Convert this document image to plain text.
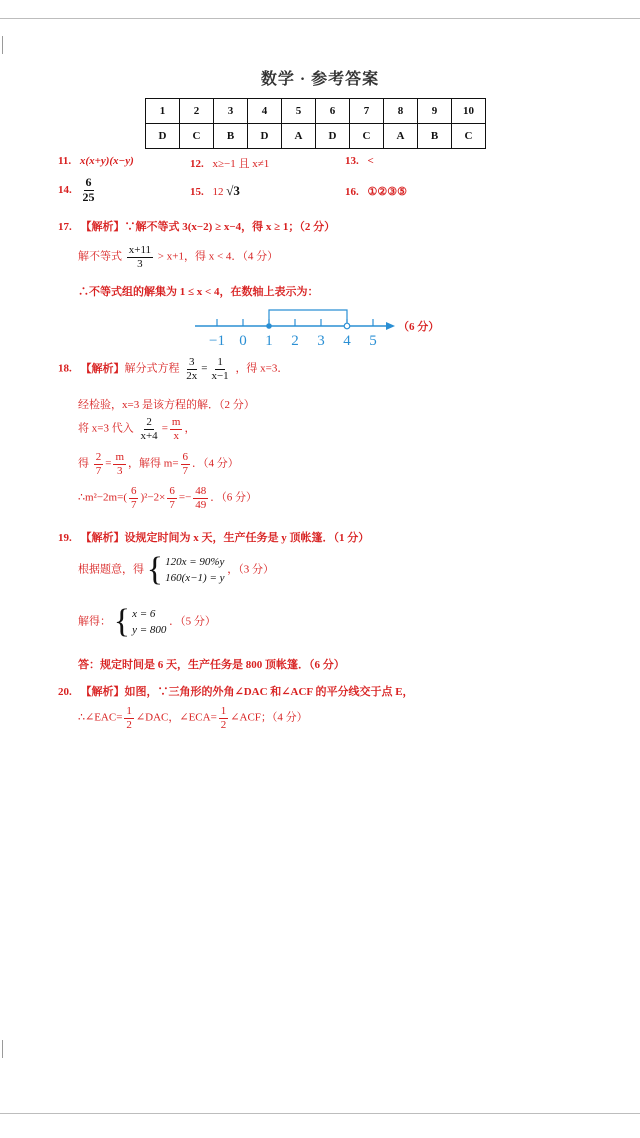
数学 · 参考答案
1	2	3	4	5	6	7	8	9	10
D	C	B	D	A	D	C	A	B	C
11. x(x+y)(x−y)	12. x≥−1 且 x≠1	13. <
14. $\frac{6}{25}$	15. 12 √3	16. ①②③⑤
17. 【解析】∵解不等式 3(x−2) ≥ x−4，得 x ≥ 1；（2 分）
解不等式 $\frac{x+11}{3} > x+1$，得 x < 4．（4 分）
∴不等式组的解集为 1 ≤ x < 4，在数轴上表示为：
−1 0 1 2 3 4 5
（6 分）
18. 【解析】解分式方程 $\frac{3}{2x} = \frac{1}{x-1}$ ，得 x=3．
经检验，x=3 是该方程的解．（2 分）
将 x=3 代入 $\frac{2}{x+4} = \frac{m}{x}$ ，
得 $\frac{2}{7} = \frac{m}{3}$ ，解得 $m= \frac{6}{7}$ ．（4 分）
∴m²−2m=( $\frac{6}{7} )^2-2\times \frac{6}{7} =- \frac{48}{49}$ ．（6 分）
19. 【解析】设规定时间为 x 天，生产任务是 y 顶帐篷．（1 分）
根据题意，得 { 120x = 90%y
160(x−1) = y
，（3 分）
解得： { x = 6
y = 800
．（5 分）
答：规定时间是 6 天，生产任务是 800 顶帐篷．（6 分）
20. 【解析】如图，∵三角形的外角∠DAC 和∠ACF 的平分线交于点 E，
∴∠EAC= $\frac{1}{2}$ ∠DAC，∠ECA= $\frac{1}{2}$ ∠ACF；（4 分）
